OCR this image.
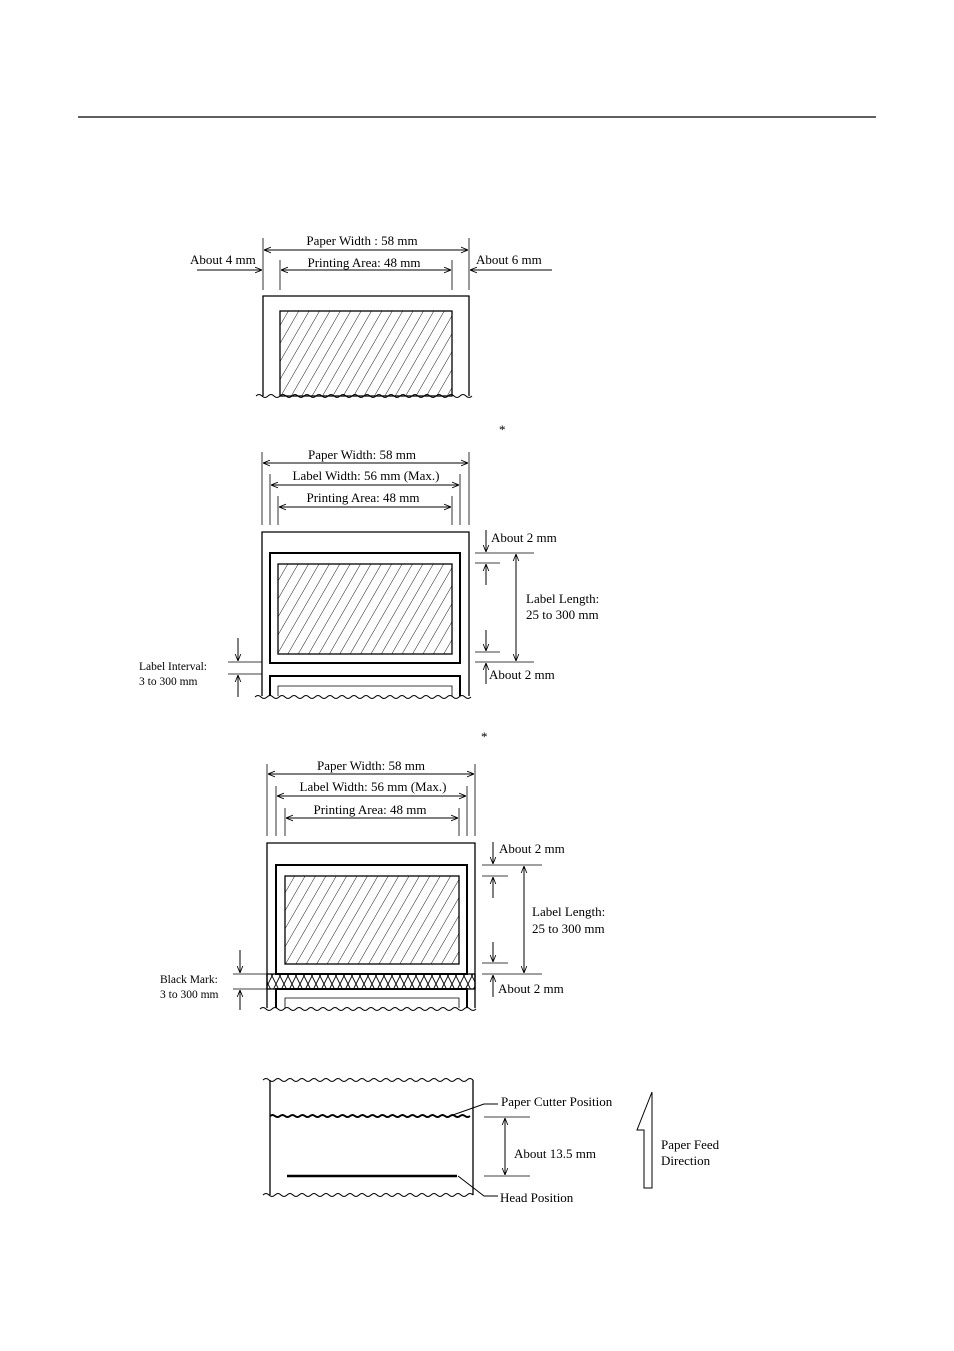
Paper Width : 58 mm
Printing Area: 48 mm
About 4 mm	About 6 mm
*
Paper Width: 58 mm
Label Width: 56 mm (Max.)
Printing Area: 48 mm
About 2 mm
Label Length:
25 to 300 mm
About 2 mm
Label Interval:
3 to 300 mm
*
Paper Width: 58 mm
Label Width: 56 mm (Max.)
Printing Area: 48 mm
About 2 mm
Label Length:
25 to 300 mm
About 2 mm
Black Mark:
3 to 300 mm
Paper Cutter Position
Head Position
About 13.5 mm
Paper Feed
Direction
